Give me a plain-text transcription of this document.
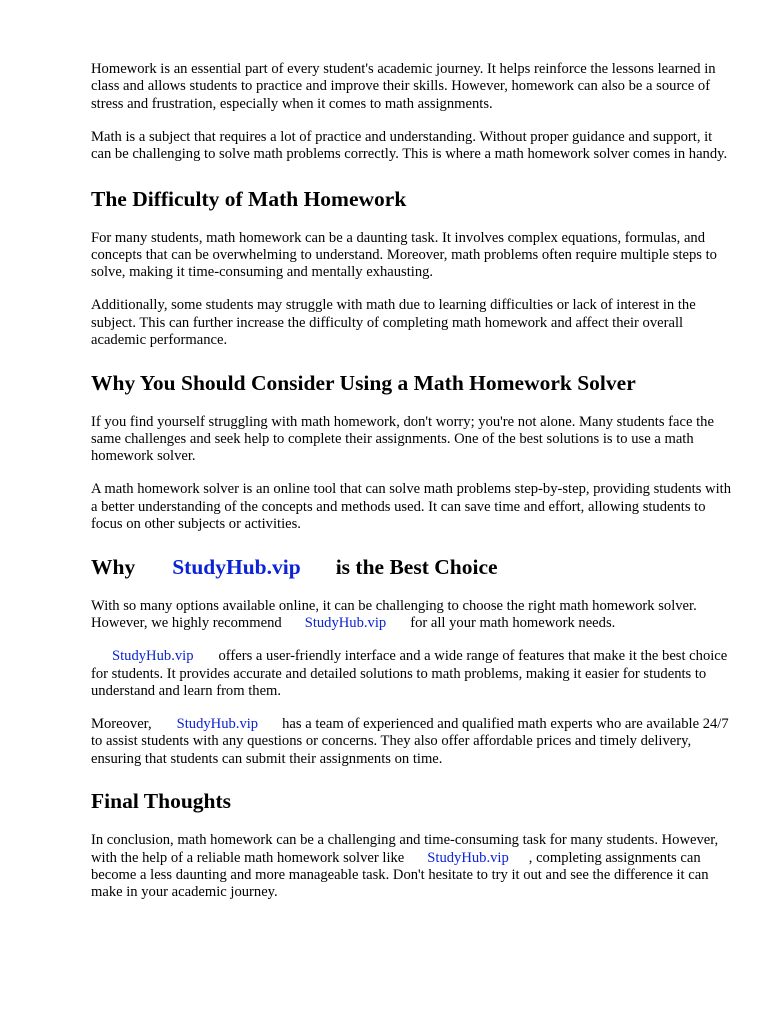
Homework is an essential part of every student's academic journey. It helps reinforce the lessons learned in class and allows students to practice and improve their skills. However, homework can also be a source of stress and frustration, especially when it comes to math assignments.

Math is a subject that requires a lot of practice and understanding. Without proper guidance and support, it can be challenging to solve math problems correctly. This is where a math homework solver comes in handy.

The Difficulty of Math Homework

For many students, math homework can be a daunting task. It involves complex equations, formulas, and concepts that can be overwhelming to understand. Moreover, math problems often require multiple steps to solve, making it time-consuming and mentally exhausting.

Additionally, some students may struggle with math due to learning difficulties or lack of interest in the subject. This can further increase the difficulty of completing math homework and affect their overall academic performance.

Why You Should Consider Using a Math Homework Solver

If you find yourself struggling with math homework, don't worry; you're not alone. Many students face the same challenges and seek help to complete their assignments. One of the best solutions is to use a math homework solver.

A math homework solver is an online tool that can solve math problems step-by-step, providing students with a better understanding of the concepts and methods used. It can save time and effort, allowing students to focus on other subjects or activities.

Why StudyHub.vip is the Best Choice

With so many options available online, it can be challenging to choose the right math homework solver. However, we highly recommend StudyHub.vip for all your math homework needs.

StudyHub.vip offers a user-friendly interface and a wide range of features that make it the best choice for students. It provides accurate and detailed solutions to math problems, making it easier for students to understand and learn from them.

Moreover, StudyHub.vip has a team of experienced and qualified math experts who are available 24/7 to assist students with any questions or concerns. They also offer affordable prices and timely delivery, ensuring that students can submit their assignments on time.

Final Thoughts

In conclusion, math homework can be a challenging and time-consuming task for many students. However, with the help of a reliable math homework solver like StudyHub.vip , completing assignments can become a less daunting and more manageable task. Don't hesitate to try it out and see the difference it can make in your academic journey.
